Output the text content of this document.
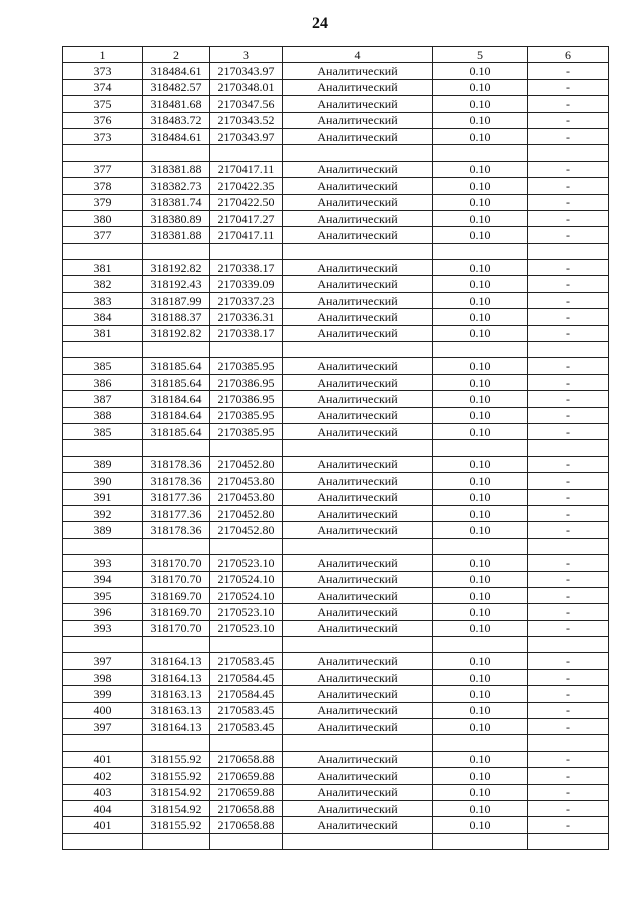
24
1	2	3	4	5	6
373	318484.61	2170343.97	Аналитический	0.10	-
374	318482.57	2170348.01	Аналитический	0.10	-
375	318481.68	2170347.56	Аналитический	0.10	-
376	318483.72	2170343.52	Аналитический	0.10	-
373	318484.61	2170343.97	Аналитический	0.10	-

377	318381.88	2170417.11	Аналитический	0.10	-
378	318382.73	2170422.35	Аналитический	0.10	-
379	318381.74	2170422.50	Аналитический	0.10	-
380	318380.89	2170417.27	Аналитический	0.10	-
377	318381.88	2170417.11	Аналитический	0.10	-

381	318192.82	2170338.17	Аналитический	0.10	-
382	318192.43	2170339.09	Аналитический	0.10	-
383	318187.99	2170337.23	Аналитический	0.10	-
384	318188.37	2170336.31	Аналитический	0.10	-
381	318192.82	2170338.17	Аналитический	0.10	-

385	318185.64	2170385.95	Аналитический	0.10	-
386	318185.64	2170386.95	Аналитический	0.10	-
387	318184.64	2170386.95	Аналитический	0.10	-
388	318184.64	2170385.95	Аналитический	0.10	-
385	318185.64	2170385.95	Аналитический	0.10	-

389	318178.36	2170452.80	Аналитический	0.10	-
390	318178.36	2170453.80	Аналитический	0.10	-
391	318177.36	2170453.80	Аналитический	0.10	-
392	318177.36	2170452.80	Аналитический	0.10	-
389	318178.36	2170452.80	Аналитический	0.10	-

393	318170.70	2170523.10	Аналитический	0.10	-
394	318170.70	2170524.10	Аналитический	0.10	-
395	318169.70	2170524.10	Аналитический	0.10	-
396	318169.70	2170523.10	Аналитический	0.10	-
393	318170.70	2170523.10	Аналитический	0.10	-

397	318164.13	2170583.45	Аналитический	0.10	-
398	318164.13	2170584.45	Аналитический	0.10	-
399	318163.13	2170584.45	Аналитический	0.10	-
400	318163.13	2170583.45	Аналитический	0.10	-
397	318164.13	2170583.45	Аналитический	0.10	-

401	318155.92	2170658.88	Аналитический	0.10	-
402	318155.92	2170659.88	Аналитический	0.10	-
403	318154.92	2170659.88	Аналитический	0.10	-
404	318154.92	2170658.88	Аналитический	0.10	-
401	318155.92	2170658.88	Аналитический	0.10	-
